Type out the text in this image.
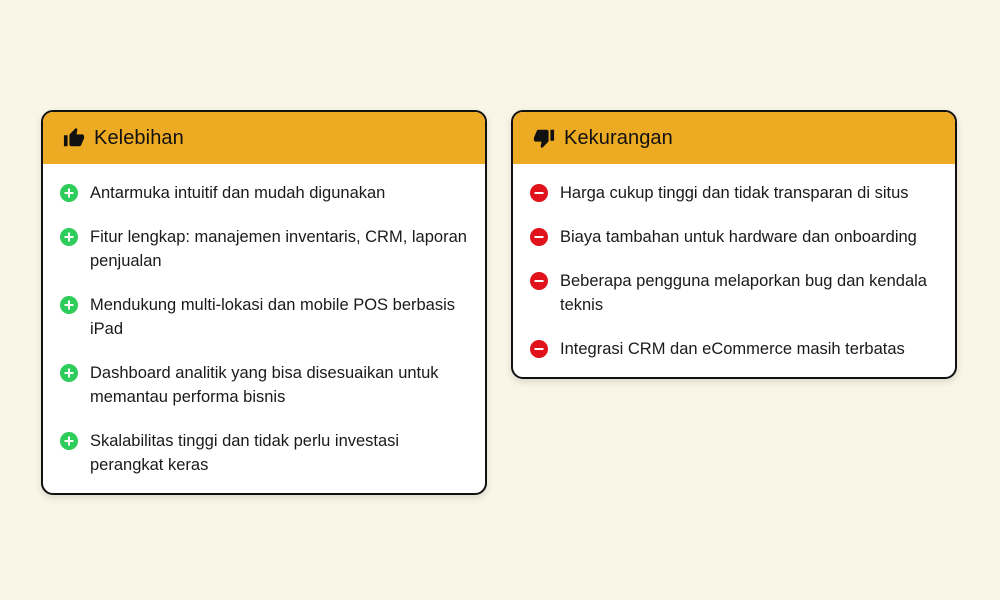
Kelebihan
Antarmuka intuitif dan mudah digunakan
Fitur lengkap: manajemen inventaris, CRM, laporan penjualan
Mendukung multi-lokasi dan mobile POS berbasis iPad
Dashboard analitik yang bisa disesuaikan untuk memantau performa bisnis
Skalabilitas tinggi dan tidak perlu investasi perangkat keras
Kekurangan
Harga cukup tinggi dan tidak transparan di situs
Biaya tambahan untuk hardware dan onboarding
Beberapa pengguna melaporkan bug dan kendala teknis
Integrasi CRM dan eCommerce masih terbatas
